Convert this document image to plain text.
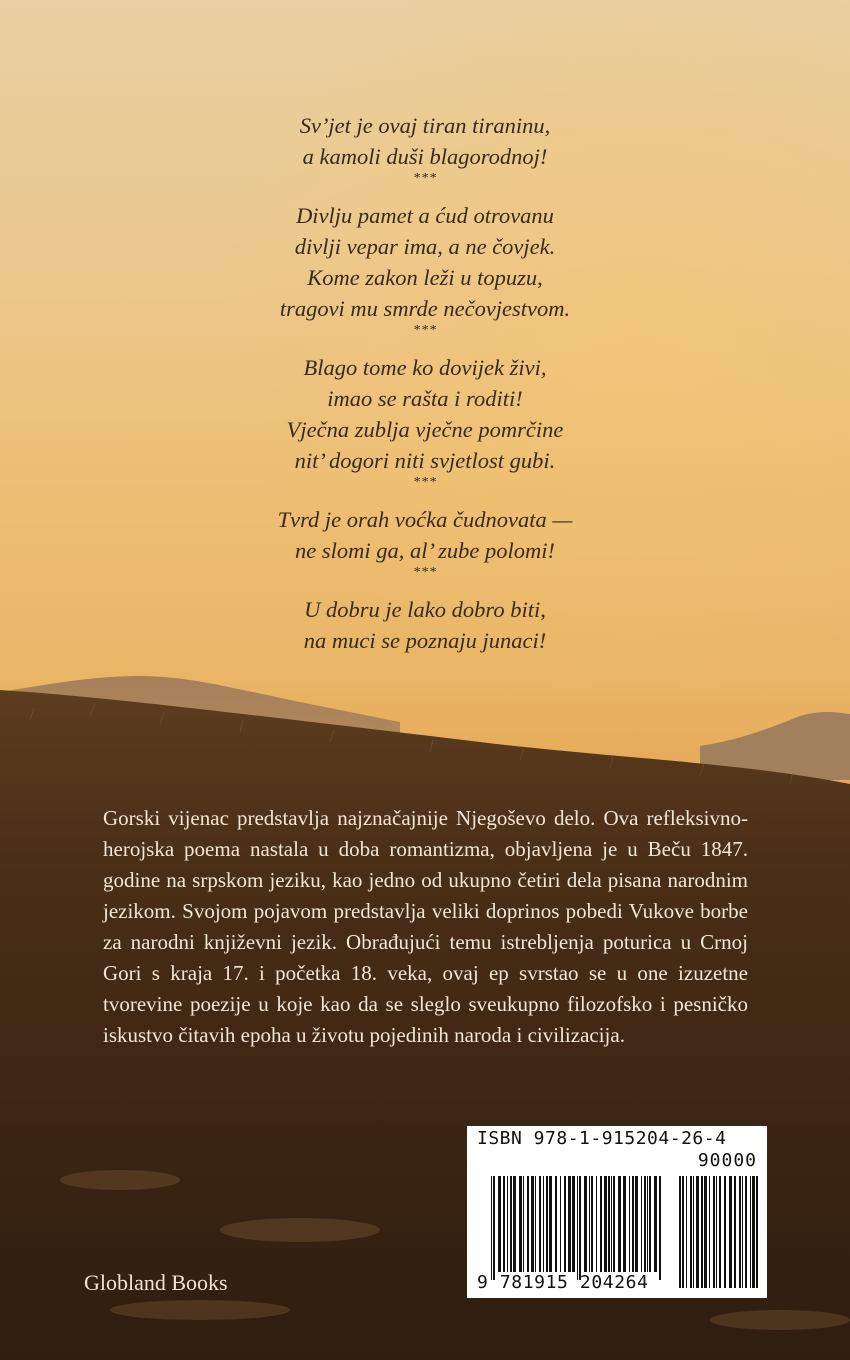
Sv’jet je ovaj tiran tiraninu,
a kamoli duši blagorodnoj!
***
Divlju pamet a ćud otrovanu
divlji vepar ima, a ne čovjek.
Kome zakon leži u topuzu,
tragovi mu smrde nečovjestvom.
***
Blago tome ko dovijek živi,
imao se rašta i roditi!
Vječna zublja vječne pomrčine
nit’ dogori niti svjetlost gubi.
***
Tvrd je orah voćka čudnovata —
ne slomi ga, al’ zube polomi!
***
U dobru je lako dobro biti,
na muci se poznaju junaci!

Gorski vijenac predstavlja najznačajnije Njegoševo delo. Ova refleksivno-herojska poema nastala u doba romantizma, objavljena je u Beču 1847. godine na srpskom jeziku, kao jedno od ukupno četiri dela pisana narodnim jezikom. Svojom pojavom predstavlja veliki doprinos pobedi Vukove borbe za narodni književni jezik. Obrađujući temu istrebljenja poturica u Crnoj Gori s kraja 17. i početka 18. veka, ovaj ep svrstao se u one izuzetne tvorevine poezije u koje kao da se sleglo sveukupno filozofsko i pesničko iskustvo čitavih epoha u životu pojedinih naroda i civilizacija.

Globland Books
ISBN 978-1-915204-26-4
90000
9 781915 204264
